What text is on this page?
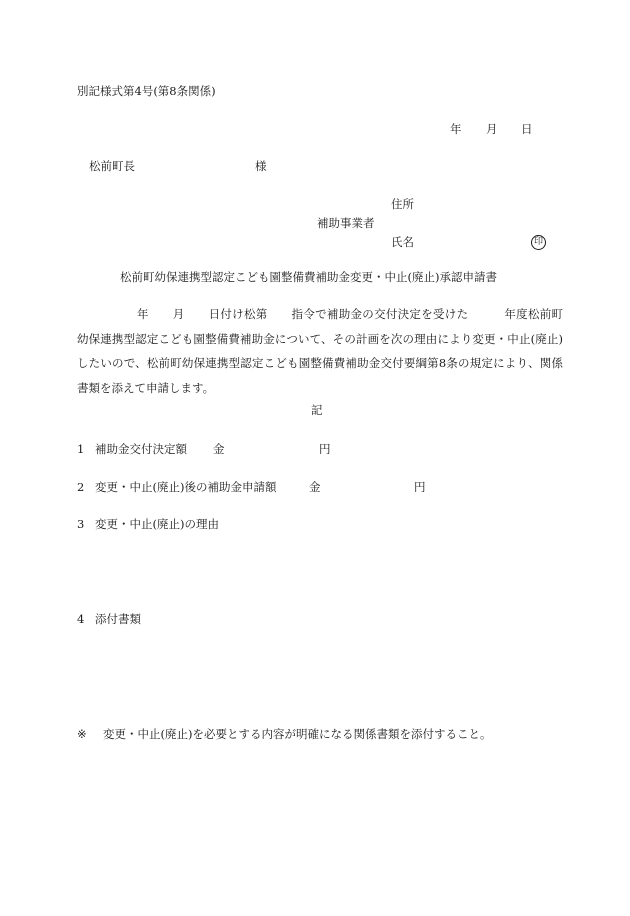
別記様式第4号(第8条関係)
年 月 日
松前町長	様
住所
補助事業者
氏名	印
松前町幼保連携型認定こども園整備費補助金変更・中止(廃止)承認申請書
年 月 日付け松第 指令で補助金の交付決定を受けた	年度松前町幼保連携型認定こども園整備費補助金について、その計画を次の理由により変更・中止(廃止)したいので、松前町幼保連携型認定こども園整備費補助金交付要綱第8条の規定により、関係書類を添えて申請します。
記
1 補助金交付決定額 金	円
2 変更・中止(廃止)後の補助金申請額	金	円
3 変更・中止(廃止)の理由
4 添付書類
※ 変更・中止(廃止)を必要とする内容が明確になる関係書類を添付すること。
